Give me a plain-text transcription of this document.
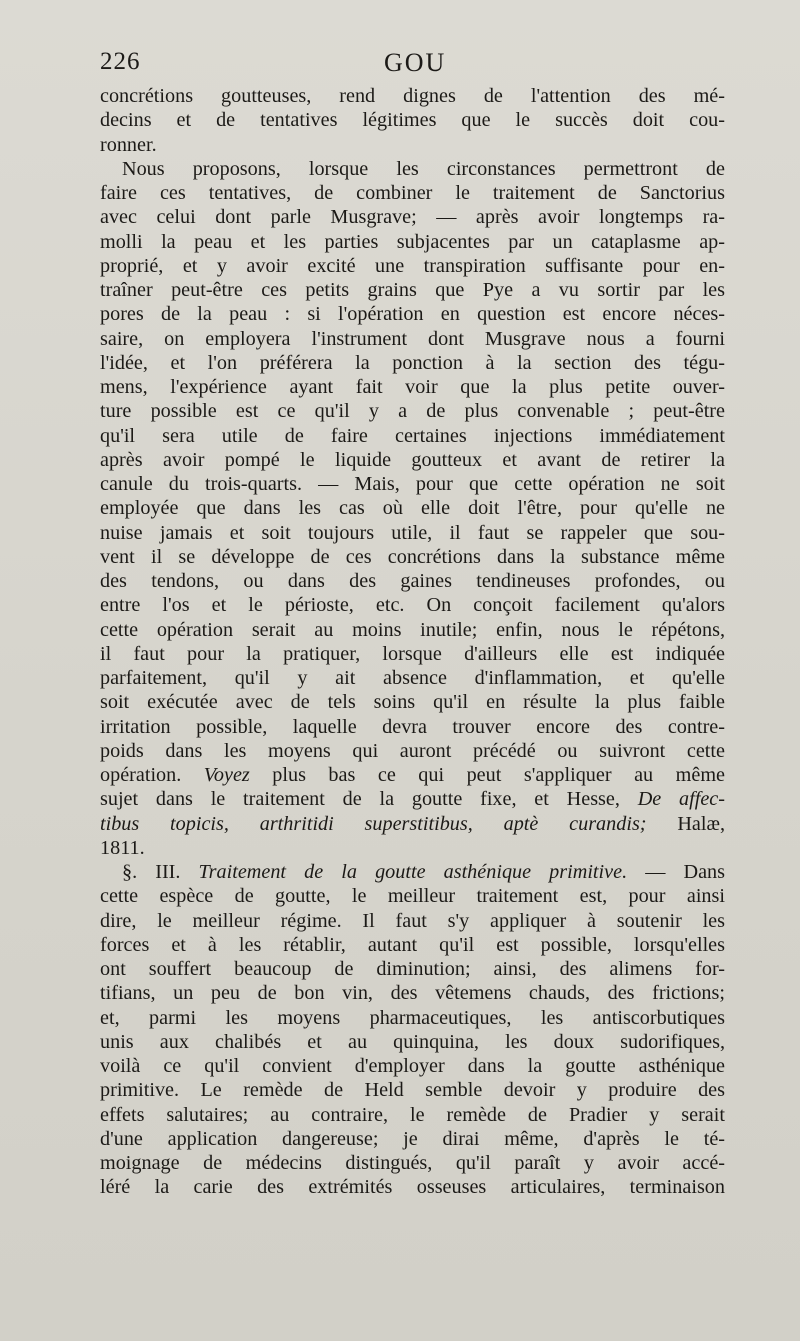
226	GOU
concrétions goutteuses, rend dignes de l'attention des mé-
decins et de tentatives légitimes que le succès doit cou-
ronner.
Nous proposons, lorsque les circonstances permettront de
faire ces tentatives, de combiner le traitement de Sanctorius
avec celui dont parle Musgrave; — après avoir longtemps ra-
molli la peau et les parties subjacentes par un cataplasme ap-
proprié, et y avoir excité une transpiration suffisante pour en-
traîner peut-être ces petits grains que Pye a vu sortir par les
pores de la peau : si l'opération en question est encore néces-
saire, on employera l'instrument dont Musgrave nous a fourni
l'idée, et l'on préférera la ponction à la section des tégu-
mens, l'expérience ayant fait voir que la plus petite ouver-
ture possible est ce qu'il y a de plus convenable ; peut-être
qu'il sera utile de faire certaines injections immédiatement
après avoir pompé le liquide goutteux et avant de retirer la
canule du trois-quarts. — Mais, pour que cette opération ne soit
employée que dans les cas où elle doit l'être, pour qu'elle ne
nuise jamais et soit toujours utile, il faut se rappeler que sou-
vent il se développe de ces concrétions dans la substance même
des tendons, ou dans des gaines tendineuses profondes, ou
entre l'os et le périoste, etc. On conçoit facilement qu'alors
cette opération serait au moins inutile; enfin, nous le répétons,
il faut pour la pratiquer, lorsque d'ailleurs elle est indiquée
parfaitement, qu'il y ait absence d'inflammation, et qu'elle
soit exécutée avec de tels soins qu'il en résulte la plus faible
irritation possible, laquelle devra trouver encore des contre-
poids dans les moyens qui auront précédé ou suivront cette
opération. Voyez plus bas ce qui peut s'appliquer au même
sujet dans le traitement de la goutte fixe, et Hesse, De affec-
tibus topicis, arthritidi superstitibus, aptè curandis; Halæ,
1811.
§. III. Traitement de la goutte asthénique primitive. — Dans
cette espèce de goutte, le meilleur traitement est, pour ainsi
dire, le meilleur régime. Il faut s'y appliquer à soutenir les
forces et à les rétablir, autant qu'il est possible, lorsqu'elles
ont souffert beaucoup de diminution; ainsi, des alimens for-
tifians, un peu de bon vin, des vêtemens chauds, des frictions;
et, parmi les moyens pharmaceutiques, les antiscorbutiques
unis aux chalibés et au quinquina, les doux sudorifiques,
voilà ce qu'il convient d'employer dans la goutte asthénique
primitive. Le remède de Held semble devoir y produire des
effets salutaires; au contraire, le remède de Pradier y serait
d'une application dangereuse; je dirai même, d'après le té-
moignage de médecins distingués, qu'il paraît y avoir accé-
léré la carie des extrémités osseuses articulaires, terminaison
